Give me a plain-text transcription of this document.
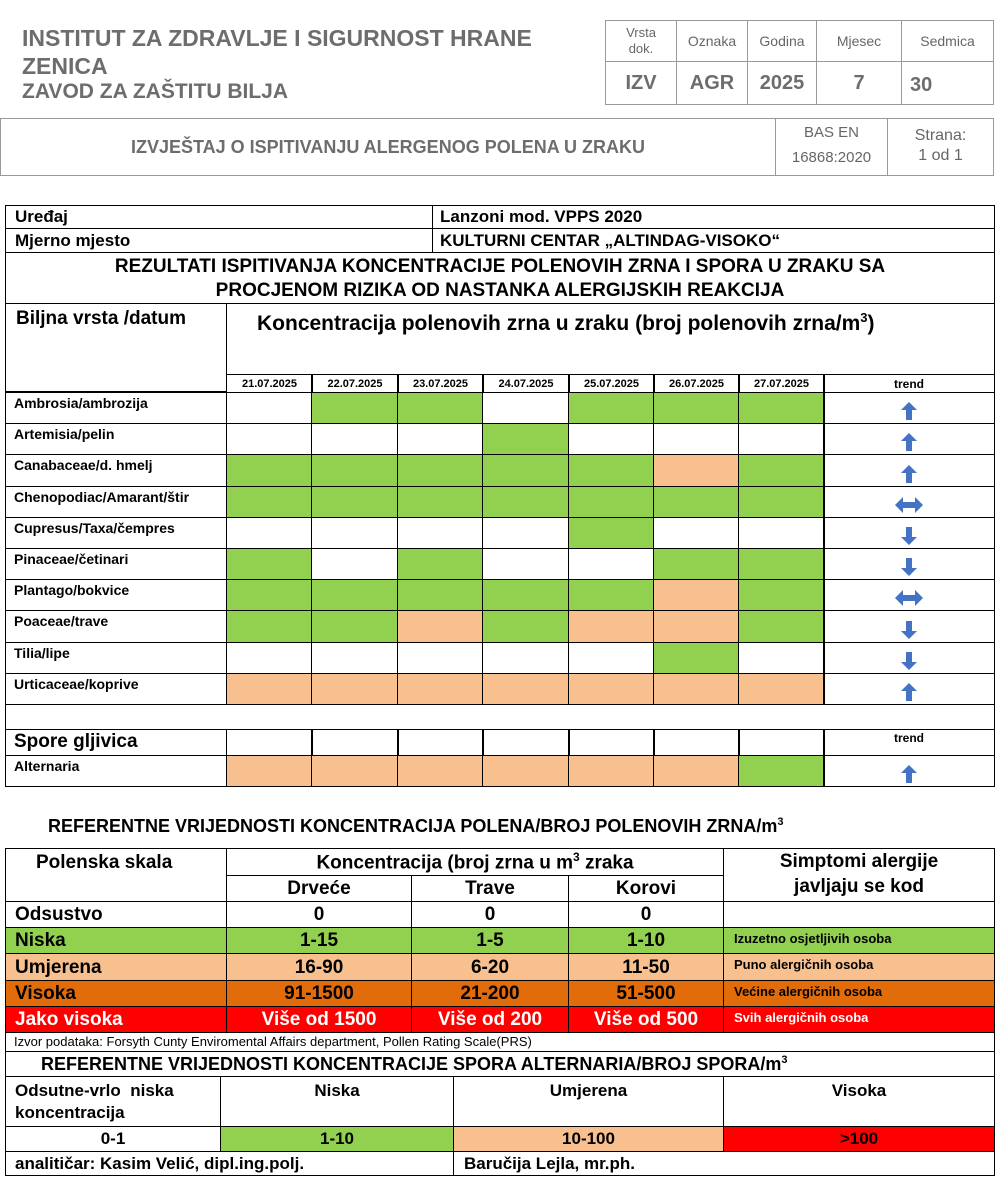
INSTITUT ZA ZDRAVLJE I SIGURNOST HRANE
ZENICA
ZAVOD ZA ZAŠTITU BILJA
Vrsta dok.	Oznaka	Godina	Mjesec	Sedmica
IZV	AGR	2025	7	30
IZVJEŠTAJ O ISPITIVANJU ALERGENOG POLENA U ZRAKU
BAS EN
16868:2020
Strana:
1 od 1
Uređaj	Lanzoni mod. VPPS 2020
Mjerno mjesto	KULTURNI CENTAR „ALTINDAG-VISOKO“
REZULTATI ISPITIVANJA KONCENTRACIJE POLENOVIH ZRNA I SPORA U ZRAKU SA
PROCJENOM RIZIKA OD NASTANKA ALERGIJSKIH REAKCIJA
Biljna vrsta /datum	Koncentracija polenovih zrna u zraku (broj polenovih zrna/$m^3$)
21.07.2025	22.07.2025	23.07.2025	24.07.2025	25.07.2025	26.07.2025	27.07.2025	trend
Ambrosia/ambrozija
Artemisia/pelin
Canabaceae/d. hmelj
Chenopodiac/Amarant/štir
Cupresus/Taxa/čempres
Pinaceae/četinari
Plantago/bokvice
Poaceae/trave
Tilia/lipe
Urticaceae/koprive
Spore gljivica	trend
Alternaria
REFERENTNE VRIJEDNOSTI KONCENTRACIJA POLENA/BROJ POLENOVIH ZRNA/$m^3$
Polenska skala	Koncentracija (broj zrna u $m^3$ zraka	Simptomi alergije
javljaju se kod
Drveće	Trave	Korovi
Odsustvo	0	0	0
Niska	1-15	1-5	1-10	Izuzetno osjetljivih osoba
Umjerena	16-90	6-20	11-50	Puno alergičnih osoba
Visoka	91-1500	21-200	51-500	Većine alergičnih osoba
Jako visoka	Više od 1500	Više od 200	Više od 500	Svih alergičnih osoba
Izvor podataka: Forsyth Cunty Enviromental Affairs department, Pollen Rating Scale(PRS)
REFERENTNE VRIJEDNOSTI KONCENTRACIJE SPORA ALTERNARIA/BROJ SPORA/$m^3$
Odsutne-vrlo  niska
koncentracija
Niska	Umjerena	Visoka
0-1	1-10	10-100	>100
analitičar: Kasim Velić, dipl.ing.polj.	Baručija Lejla, mr.ph.
